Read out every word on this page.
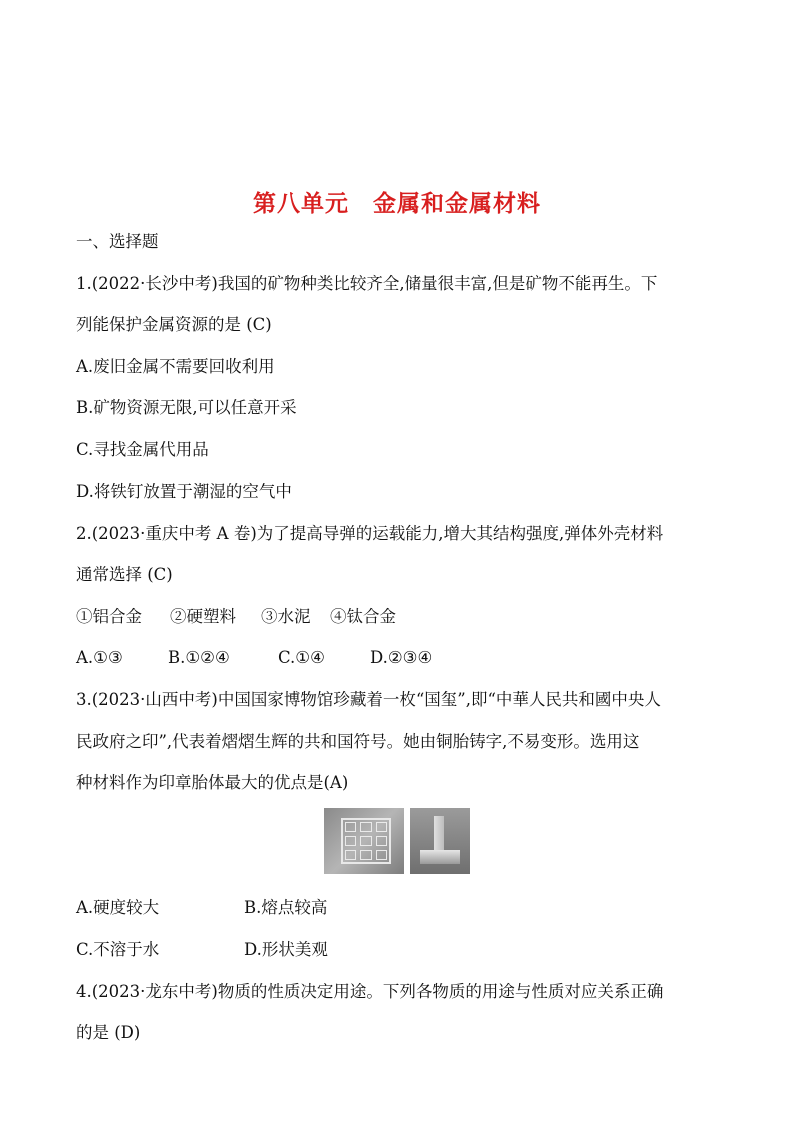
第八单元 金属和金属材料
一、选择题
1.(2022·长沙中考)我国的矿物种类比较齐全,储量很丰富,但是矿物不能再生。下
列能保护金属资源的是 (C)
A.废旧金属不需要回收利用
B.矿物资源无限,可以任意开采
C.寻找金属代用品
D.将铁钉放置于潮湿的空气中
2.(2023·重庆中考 A 卷)为了提高导弹的运载能力,增大其结构强度,弹体外壳材料
通常选择 (C)
①铝合金 ②硬塑料 ③水泥 ④钛合金
A.①③	B.①②④	C.①④	D.②③④
3.(2023·山西中考)中国国家博物馆珍藏着一枚“国玺”,即“中華人民共和國中央人
民政府之印”,代表着熠熠生辉的共和国符号。她由铜胎铸字,不易变形。选用这
种材料作为印章胎体最大的优点是(A)
A.硬度较大	B.熔点较高
C.不溶于水	D.形状美观
4.(2023·龙东中考)物质的性质决定用途。下列各物质的用途与性质对应关系正确
的是 (D)
